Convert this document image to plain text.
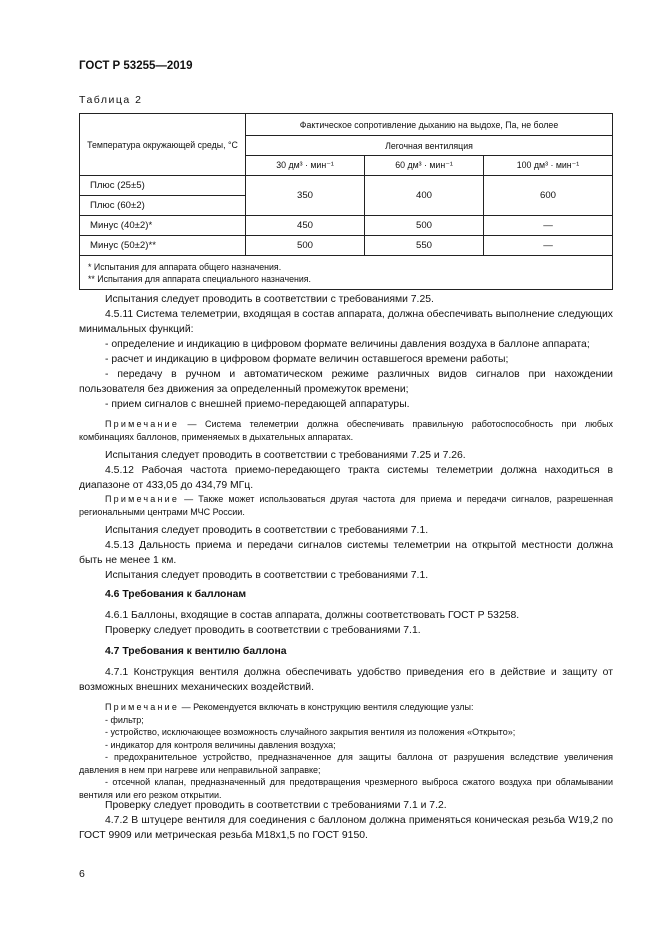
ГОСТ Р 53255—2019
Таблица 2
Температура окружающей среды, °C	Фактическое сопротивление дыханию на выдохе, Па, не более		
	Легочная вентиляция		
	30 дм³ · мин⁻¹	60 дм³ · мин⁻¹	100 дм³ · мин⁻¹
Плюс (25±5)	350	400	600
Плюс (60±2)			
Минус (40±2)*	450	500	—
Минус (50±2)**	500	550	—

* Испытания для аппарата общего назначения.
** Испытания для аппарата специального назначения.			

Испытания следует проводить в соответствии с требованиями 7.25.

4.5.11 Система телеметрии, входящая в состав аппарата, должна обеспечивать выполнение следующих минимальных функций:

- определение и индикацию в цифровом формате величины давления воздуха в баллоне аппарата;

- расчет и индикацию в цифровом формате величин оставшегося времени работы;

- передачу в ручном и автоматическом режиме различных видов сигналов при нахождении пользователя без движения за определенный промежуток времени;

- прием сигналов с внешней приемо-передающей аппаратуры.

Примечание — Система телеметрии должна обеспечивать правильную работоспособность при любых комбинациях баллонов, применяемых в дыхательных аппаратах.

Испытания следует проводить в соответствии с требованиями 7.25 и 7.26.

4.5.12 Рабочая частота приемо-передающего тракта системы телеметрии должна находиться в диапазоне от 433,05 до 434,79 МГц.

Примечание — Также может использоваться другая частота для приема и передачи сигналов, разрешенная региональными центрами МЧС России.

Испытания следует проводить в соответствии с требованиями 7.1.

4.5.13 Дальность приема и передачи сигналов системы телеметрии на открытой местности должна быть не менее 1 км.

Испытания следует проводить в соответствии с требованиями 7.1.

4.6 Требования к баллонам

4.6.1 Баллоны, входящие в состав аппарата, должны соответствовать ГОСТ Р 53258.

Проверку следует проводить в соответствии с требованиями 7.1.

4.7 Требования к вентилю баллона

4.7.1 Конструкция вентиля должна обеспечивать удобство приведения его в действие и защиту от возможных внешних механических воздействий.

Примечание — Рекомендуется включать в конструкцию вентиля следующие узлы:

- фильтр;

- устройство, исключающее возможность случайного закрытия вентиля из положения «Открыто»;

- индикатор для контроля величины давления воздуха;

- предохранительное устройство, предназначенное для защиты баллона от разрушения вследствие увеличения давления в нем при нагреве или неправильной заправке;

- отсечной клапан, предназначенный для предотвращения чрезмерного выброса сжатого воздуха при обламывании вентиля или его резком открытии.

Проверку следует проводить в соответствии с требованиями 7.1 и 7.2.

4.7.2 В штуцере вентиля для соединения с баллоном должна применяться коническая резьба W19,2 по ГОСТ 9909 или метрическая резьба М18х1,5 по ГОСТ 9150.

6
